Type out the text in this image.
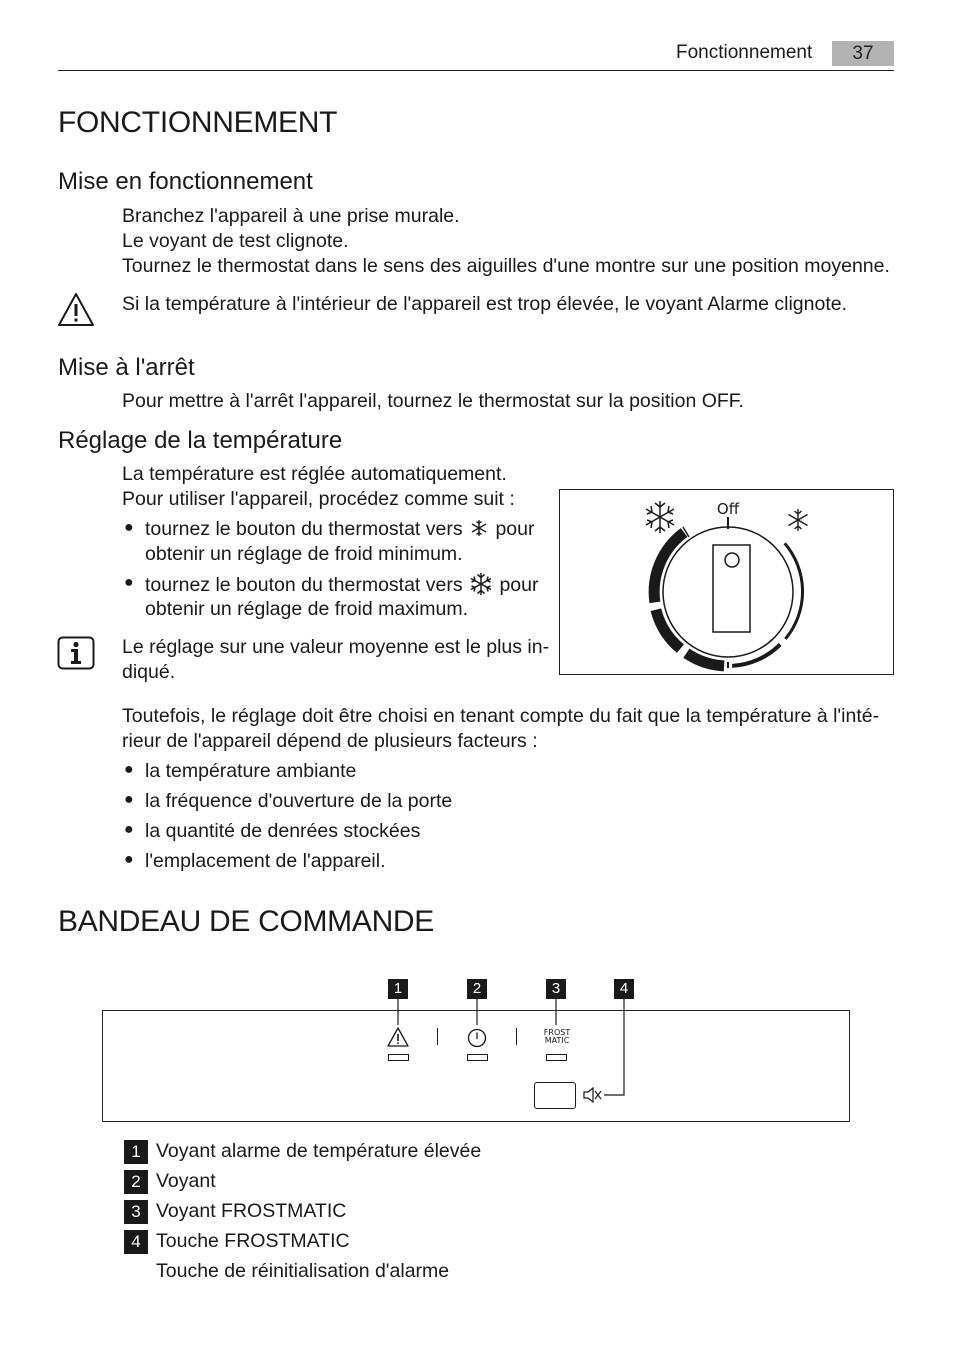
Fonctionnement	37
FONCTIONNEMENT
Mise en fonctionnement
Branchez l'appareil à une prise murale.
Le voyant de test clignote.
Tournez le thermostat dans le sens des aiguilles d'une montre sur une position moyenne.
Si la température à l'intérieur de l'appareil est trop élevée, le voyant Alarme clignote.
Mise à l'arrêt
Pour mettre à l'arrêt l'appareil, tournez le thermostat sur la position OFF.
Réglage de la température
La température est réglée automatiquement.
Pour utiliser l'appareil, procédez comme suit :
● tournez le bouton du thermostat vers pour
obtenir un réglage de froid minimum.
● tournez le bouton du thermostat vers pour
obtenir un réglage de froid maximum.
Le réglage sur une valeur moyenne est le plus in-
diqué.
Off
Toutefois, le réglage doit être choisi en tenant compte du fait que la température à l'inté-
rieur de l'appareil dépend de plusieurs facteurs :
● la température ambiante
● la fréquence d'ouverture de la porte
● la quantité de denrées stockées
● l'emplacement de l'appareil.
BANDEAU DE COMMANDE
1	2	3	4
FROST
MATIC
1 Voyant alarme de température élevée
2 Voyant
3 Voyant FROSTMATIC
4 Touche FROSTMATIC
Touche de réinitialisation d'alarme
